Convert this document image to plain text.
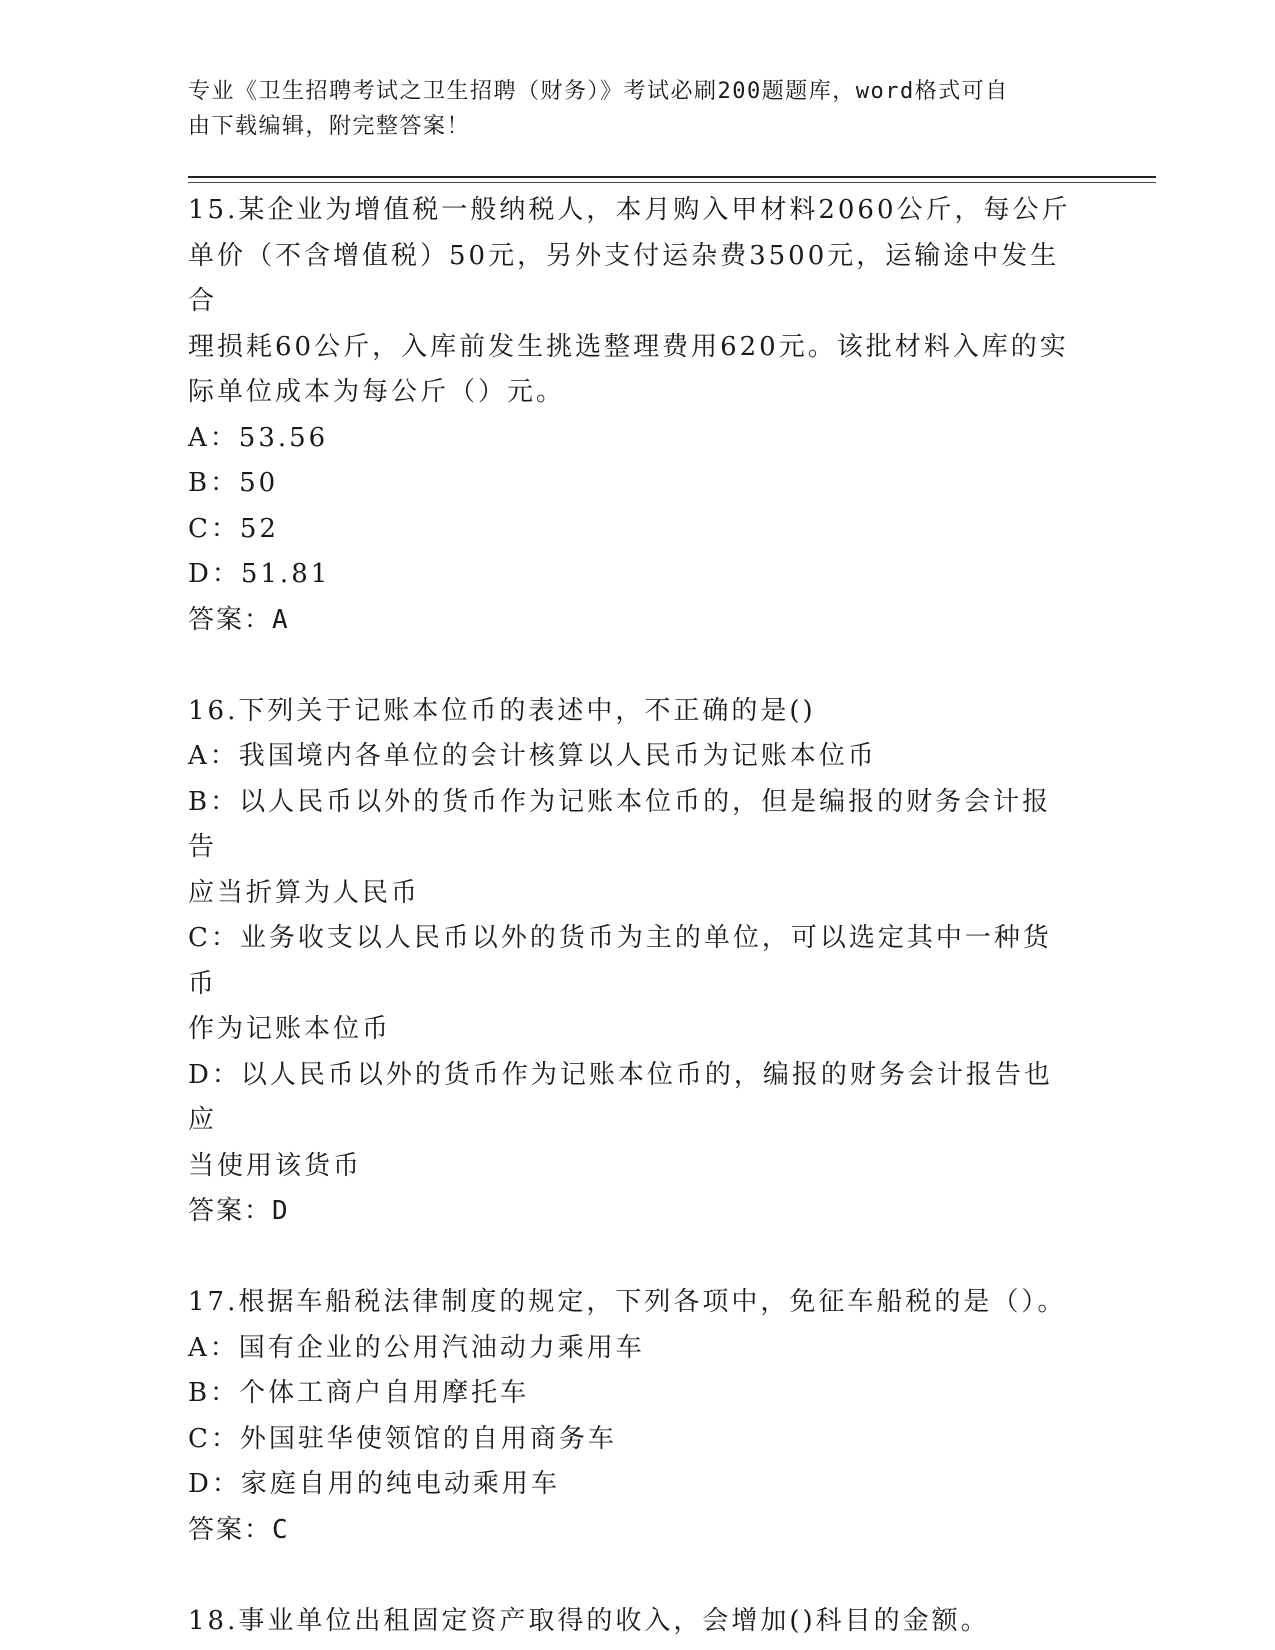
专业《卫生招聘考试之卫生招聘（财务）》考试必刷200题题库，word格式可自
由下载编辑，附完整答案！
15.某企业为增值税一般纳税人，本月购入甲材料2060公斤，每公斤
单价（不含增值税）50元，另外支付运杂费3500元，运输途中发生合
理损耗60公斤，入库前发生挑选整理费用620元。该批材料入库的实
际单位成本为每公斤（）元。
A：53.56
B：50
C：52
D：51.81
答案：A
16.下列关于记账本位币的表述中，不正确的是()
A：我国境内各单位的会计核算以人民币为记账本位币
B：以人民币以外的货币作为记账本位币的，但是编报的财务会计报告
应当折算为人民币
C：业务收支以人民币以外的货币为主的单位，可以选定其中一种货币
作为记账本位币
D：以人民币以外的货币作为记账本位币的，编报的财务会计报告也应
当使用该货币
答案：D
17.根据车船税法律制度的规定，下列各项中，免征车船税的是（）。
A：国有企业的公用汽油动力乘用车
B：个体工商户自用摩托车
C：外国驻华使领馆的自用商务车
D：家庭自用的纯电动乘用车
答案：C
18.事业单位出租固定资产取得的收入，会增加()科目的金额。
